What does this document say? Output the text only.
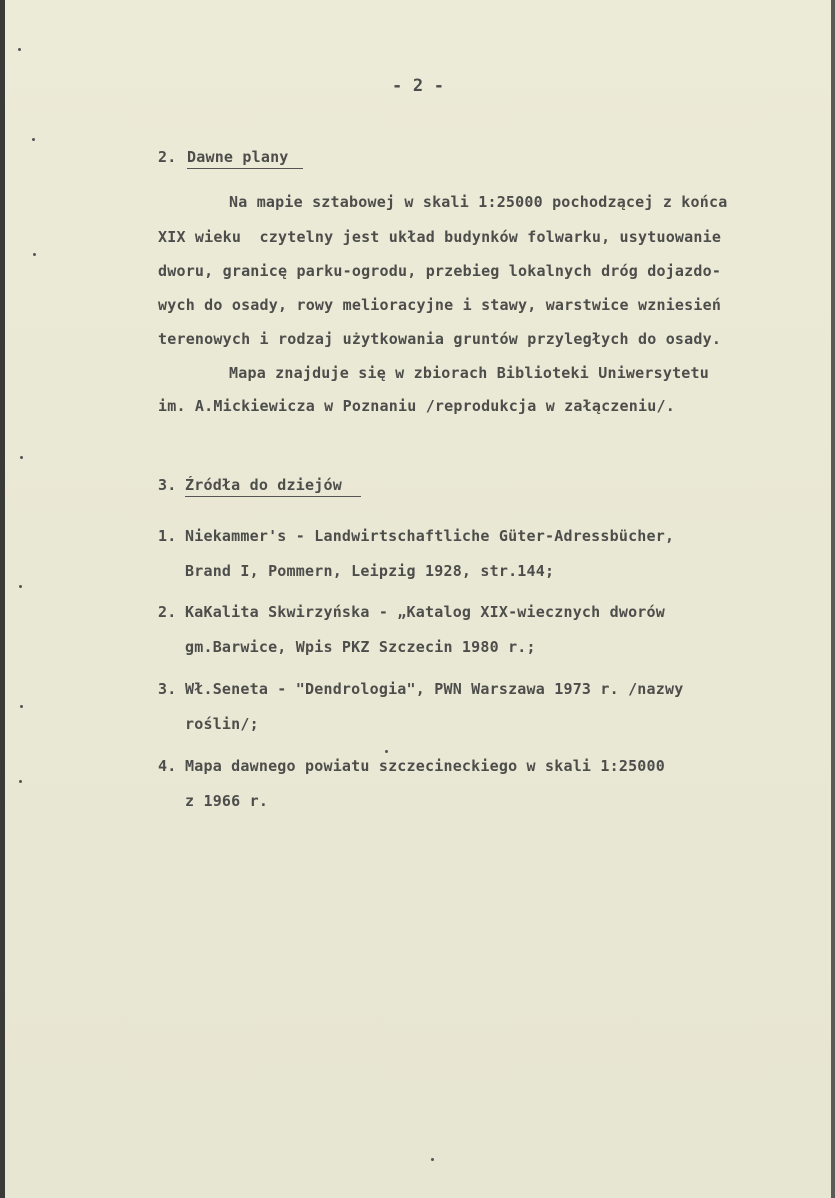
- 2 -
2. Dawne plany
Na mapie sztabowej w skali 1:25000 pochodzącej z końca
XIX wieku  czytelny jest układ budynków folwarku, usytuowanie
dworu, granicę parku-ogrodu, przebieg lokalnych dróg dojazdo-
wych do osady, rowy melioracyjne i stawy, warstwice wzniesień
terenowych i rodzaj użytkowania gruntów przyległych do osady.
Mapa znajduje się w zbiorach Biblioteki Uniwersytetu
im. A.Mickiewicza w Poznaniu /reprodukcja w załączeniu/.
3. Źródła do dziejów
1. Niekammer's - Landwirtschaftliche Güter-Adressbücher,
Brand I, Pommern, Leipzig 1928, str.144;
2. KaKalita Skwirzyńska - „Katalog XIX-wiecznych dworów
gm.Barwice, Wpis PKZ Szczecin 1980 r.;
3. Wł.Seneta - "Dendrologia", PWN Warszawa 1973 r. /nazwy
roślin/;
4. Mapa dawnego powiatu szczecineckiego w skali 1:25000
z 1966 r.
